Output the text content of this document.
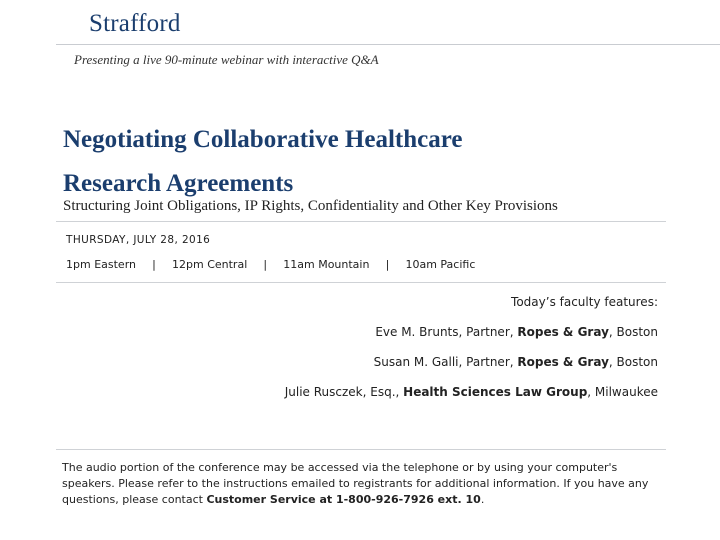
Strafford
Presenting a live 90-minute webinar with interactive Q&A
Negotiating Collaborative Healthcare
Research Agreements
Structuring Joint Obligations, IP Rights, Confidentiality and Other Key Provisions
THURSDAY, JULY 28, 2016
1pm Eastern | 12pm Central | 11am Mountain | 10am Pacific
Today’s faculty features:
Eve M. Brunts, Partner, Ropes & Gray, Boston
Susan M. Galli, Partner, Ropes & Gray, Boston
Julie Rusczek, Esq., Health Sciences Law Group, Milwaukee
The audio portion of the conference may be accessed via the telephone or by using your computer's speakers. Please refer to the instructions emailed to registrants for additional information. If you have any questions, please contact Customer Service at 1-800-926-7926 ext. 10.
